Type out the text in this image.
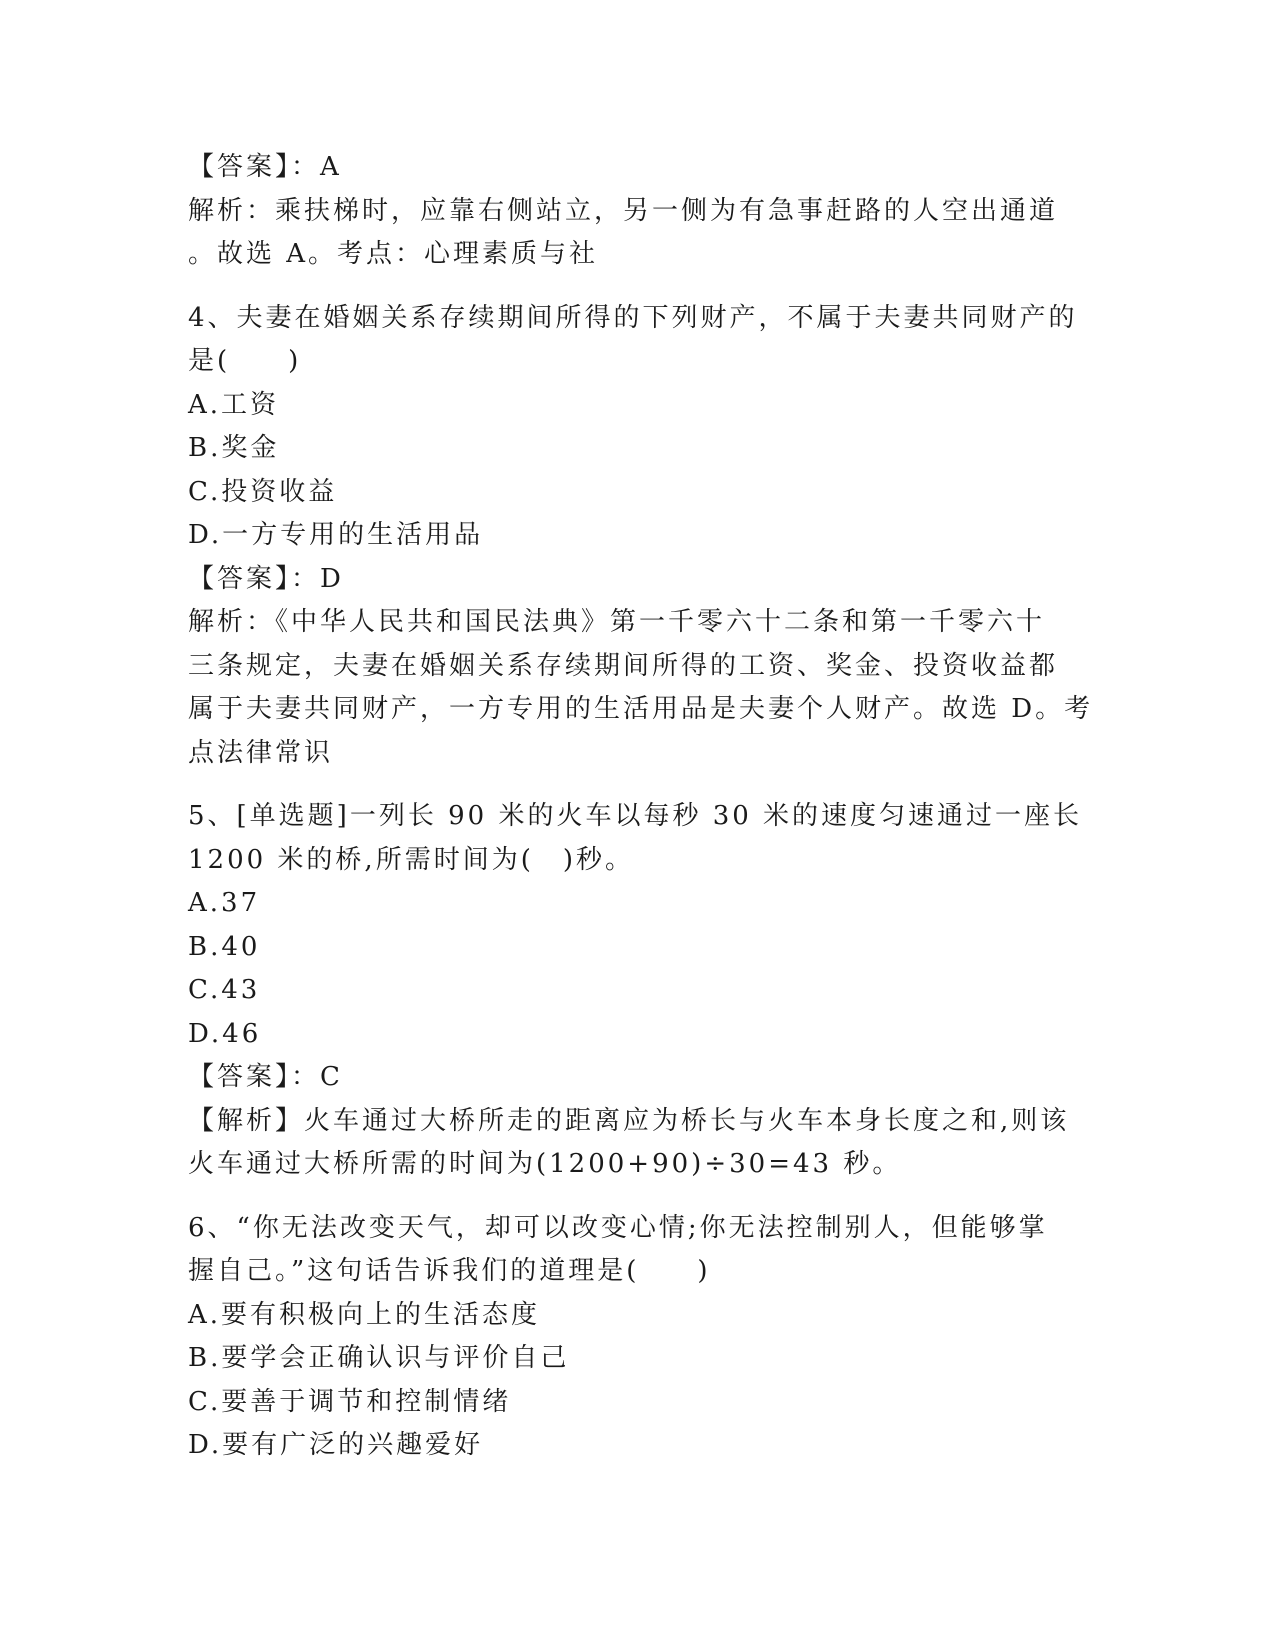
【答案】：A
解析：乘扶梯时，应靠右侧站立，另一侧为有急事赶路的人空出通道
。故选 A。考点：心理素质与社
4、夫妻在婚姻关系存续期间所得的下列财产，不属于夫妻共同财产的
是(　　)
A.工资
B.奖金
C.投资收益
D.一方专用的生活用品
【答案】：D
解析：《中华人民共和国民法典》第一千零六十二条和第一千零六十
三条规定，夫妻在婚姻关系存续期间所得的工资、奖金、投资收益都
属于夫妻共同财产，一方专用的生活用品是夫妻个人财产。故选 D。考
点法律常识
5、[单选题]一列长 90 米的火车以每秒 30 米的速度匀速通过一座长
1200 米的桥,所需时间为(　)秒。
A.37
B.40
C.43
D.46
【答案】：C
【解析】火车通过大桥所走的距离应为桥长与火车本身长度之和,则该
火车通过大桥所需的时间为(1200+90)÷30=43 秒。
6、“你无法改变天气，却可以改变心情;你无法控制别人，但能够掌
握自己。”这句话告诉我们的道理是(　　)
A.要有积极向上的生活态度
B.要学会正确认识与评价自己
C.要善于调节和控制情绪
D.要有广泛的兴趣爱好
